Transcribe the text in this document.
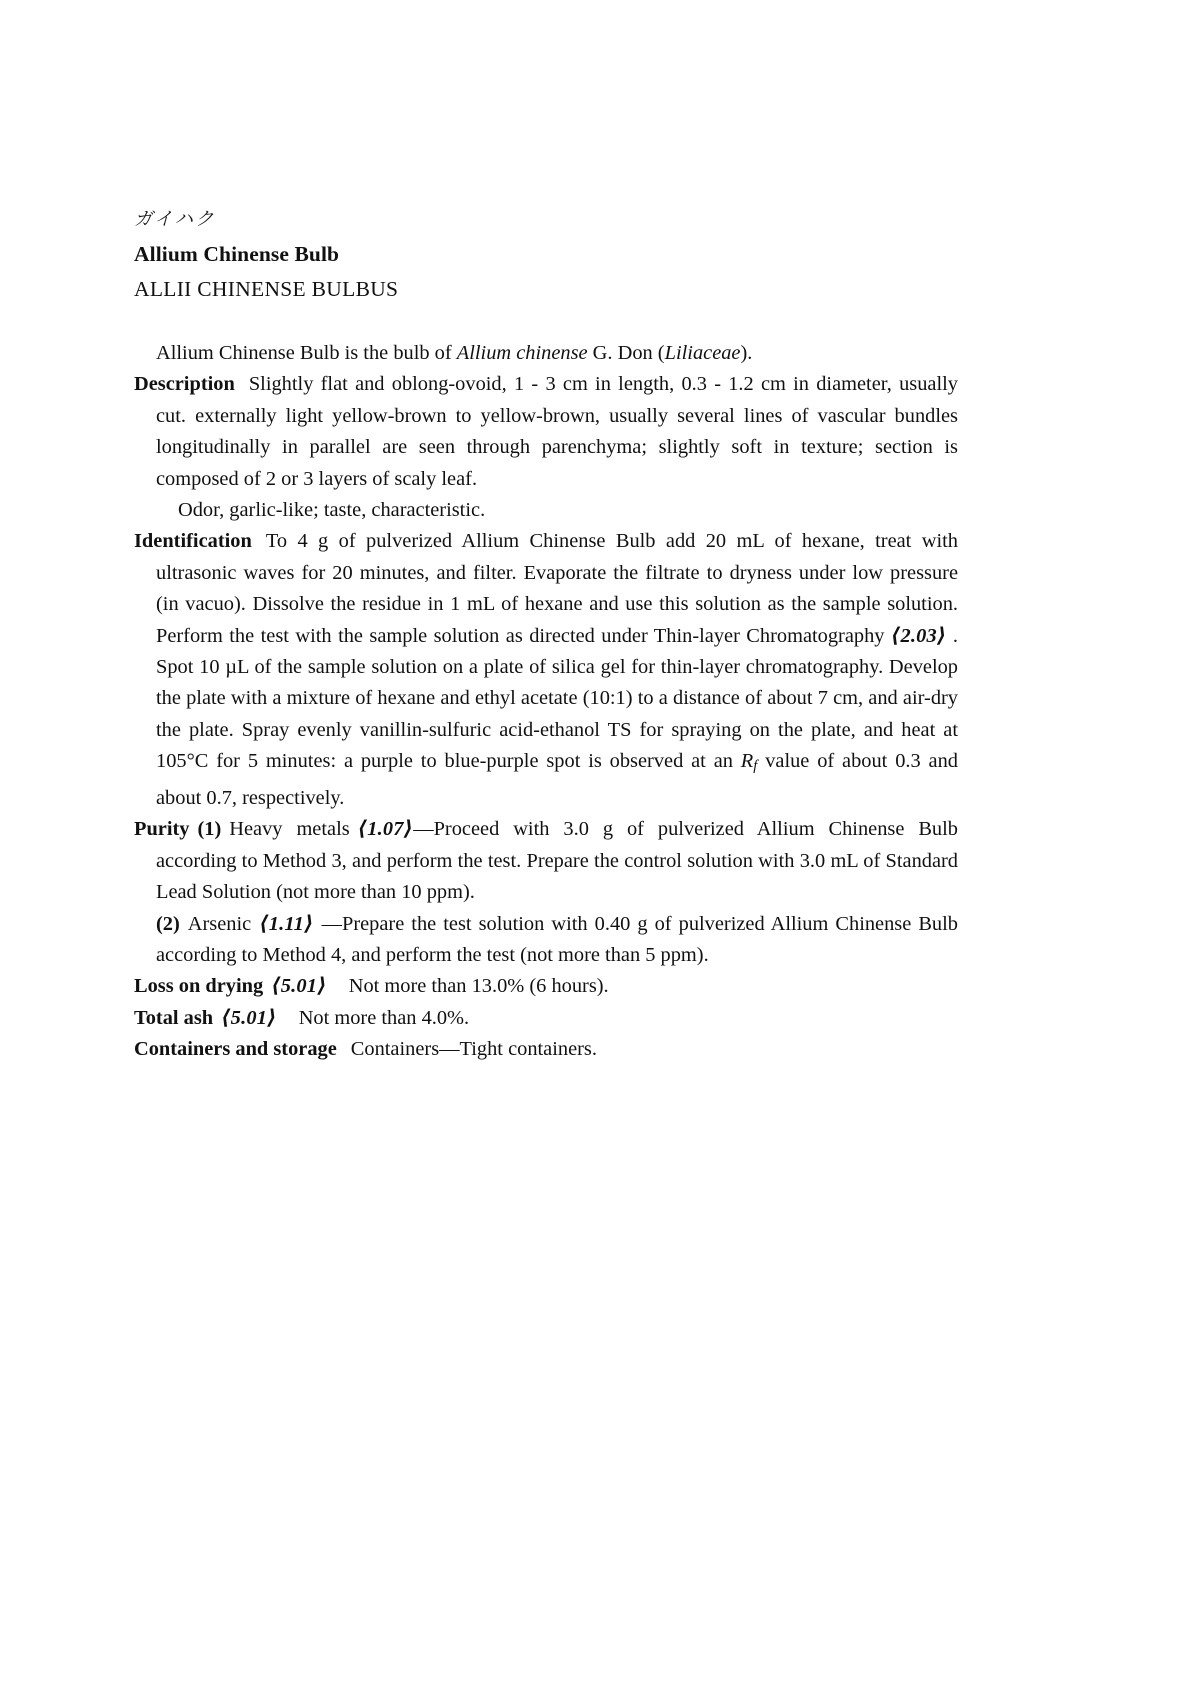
ガイハク
Allium Chinense Bulb
ALLII CHINENSE BULBUS

Allium Chinense Bulb is the bulb of Allium chinense G. Don (Liliaceae).

Description Slightly flat and oblong-ovoid, 1 - 3 cm in length, 0.3 - 1.2 cm in diameter, usually cut. externally light yellow-brown to yellow-brown, usually several lines of vascular bundles longitudinally in parallel are seen through parenchyma; slightly soft in texture; section is composed of 2 or 3 layers of scaly leaf.

Odor, garlic-like; taste, characteristic.

Identification To 4 g of pulverized Allium Chinense Bulb add 20 mL of hexane, treat with ultrasonic waves for 20 minutes, and filter. Evaporate the filtrate to dryness under low pressure (in vacuo). Dissolve the residue in 1 mL of hexane and use this solution as the sample solution. Perform the test with the sample solution as directed under Thin-layer Chromatography ⟨2.03⟩ . Spot 10 µL of the sample solution on a plate of silica gel for thin-layer chromatography. Develop the plate with a mixture of hexane and ethyl acetate (10:1) to a distance of about 7 cm, and air-dry the plate. Spray evenly vanillin-sulfuric acid-ethanol TS for spraying on the plate, and heat at 105°C for 5 minutes: a purple to blue-purple spot is observed at an $R_f$ value of about 0.3 and about 0.7, respectively.

Purity (1) Heavy metals ⟨1.07⟩—Proceed with 3.0 g of pulverized Allium Chinense Bulb according to Method 3, and perform the test. Prepare the control solution with 3.0 mL of Standard Lead Solution (not more than 10 ppm).

(2) Arsenic ⟨1.11⟩ —Prepare the test solution with 0.40 g of pulverized Allium Chinense Bulb according to Method 4, and perform the test (not more than 5 ppm).

Loss on drying ⟨5.01⟩ Not more than 13.0% (6 hours).

Total ash ⟨5.01⟩ Not more than 4.0%.

Containers and storage Containers—Tight containers.
